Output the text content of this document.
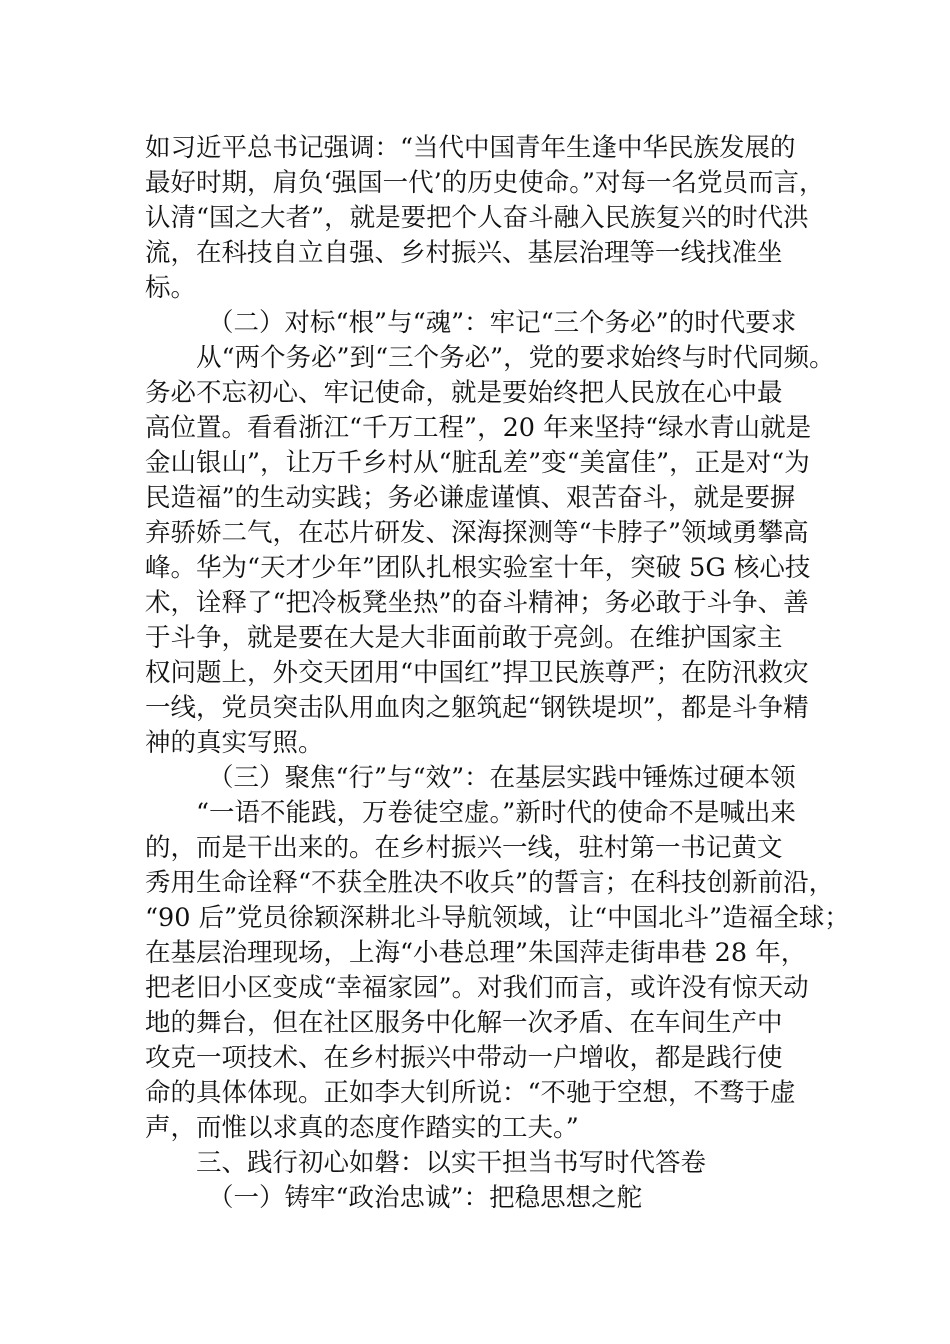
如习近平总书记强调：“当代中国青年生逢中华民族发展的

最好时期，肩负‘强国一代’的历史使命。”对每一名党员而言，

认清“国之大者”，就是要把个人奋斗融入民族复兴的时代洪

流，在科技自立自强、乡村振兴、基层治理等一线找准坐

标。

（二）对标“根”与“魂”：牢记“三个务必”的时代要求

从“两个务必”到“三个务必”，党的要求始终与时代同频。

务必不忘初心、牢记使命，就是要始终把人民放在心中最

高位置。看看浙江“千万工程”，20 年来坚持“绿水青山就是

金山银山”，让万千乡村从“脏乱差”变“美富佳”，正是对“为

民造福”的生动实践；务必谦虚谨慎、艰苦奋斗，就是要摒

弃骄娇二气，在芯片研发、深海探测等“卡脖子”领域勇攀高

峰。华为“天才少年”团队扎根实验室十年，突破 5G 核心技

术，诠释了“把冷板凳坐热”的奋斗精神；务必敢于斗争、善

于斗争，就是要在大是大非面前敢于亮剑。在维护国家主

权问题上，外交天团用“中国红”捍卫民族尊严；在防汛救灾

一线，党员突击队用血肉之躯筑起“钢铁堤坝”，都是斗争精

神的真实写照。

（三）聚焦“行”与“效”：在基层实践中锤炼过硬本领

“一语不能践，万卷徒空虚。”新时代的使命不是喊出来

的，而是干出来的。在乡村振兴一线，驻村第一书记黄文

秀用生命诠释“不获全胜决不收兵”的誓言；在科技创新前沿，

“90 后”党员徐颖深耕北斗导航领域，让“中国北斗”造福全球；

在基层治理现场，上海“小巷总理”朱国萍走街串巷 28 年，

把老旧小区变成“幸福家园”。对我们而言，或许没有惊天动

地的舞台，但在社区服务中化解一次矛盾、在车间生产中

攻克一项技术、在乡村振兴中带动一户增收，都是践行使

命的具体体现。正如李大钊所说：“不驰于空想，不骛于虚

声，而惟以求真的态度作踏实的工夫。”

三、践行初心如磐：以实干担当书写时代答卷

（一）铸牢“政治忠诚”：把稳思想之舵
